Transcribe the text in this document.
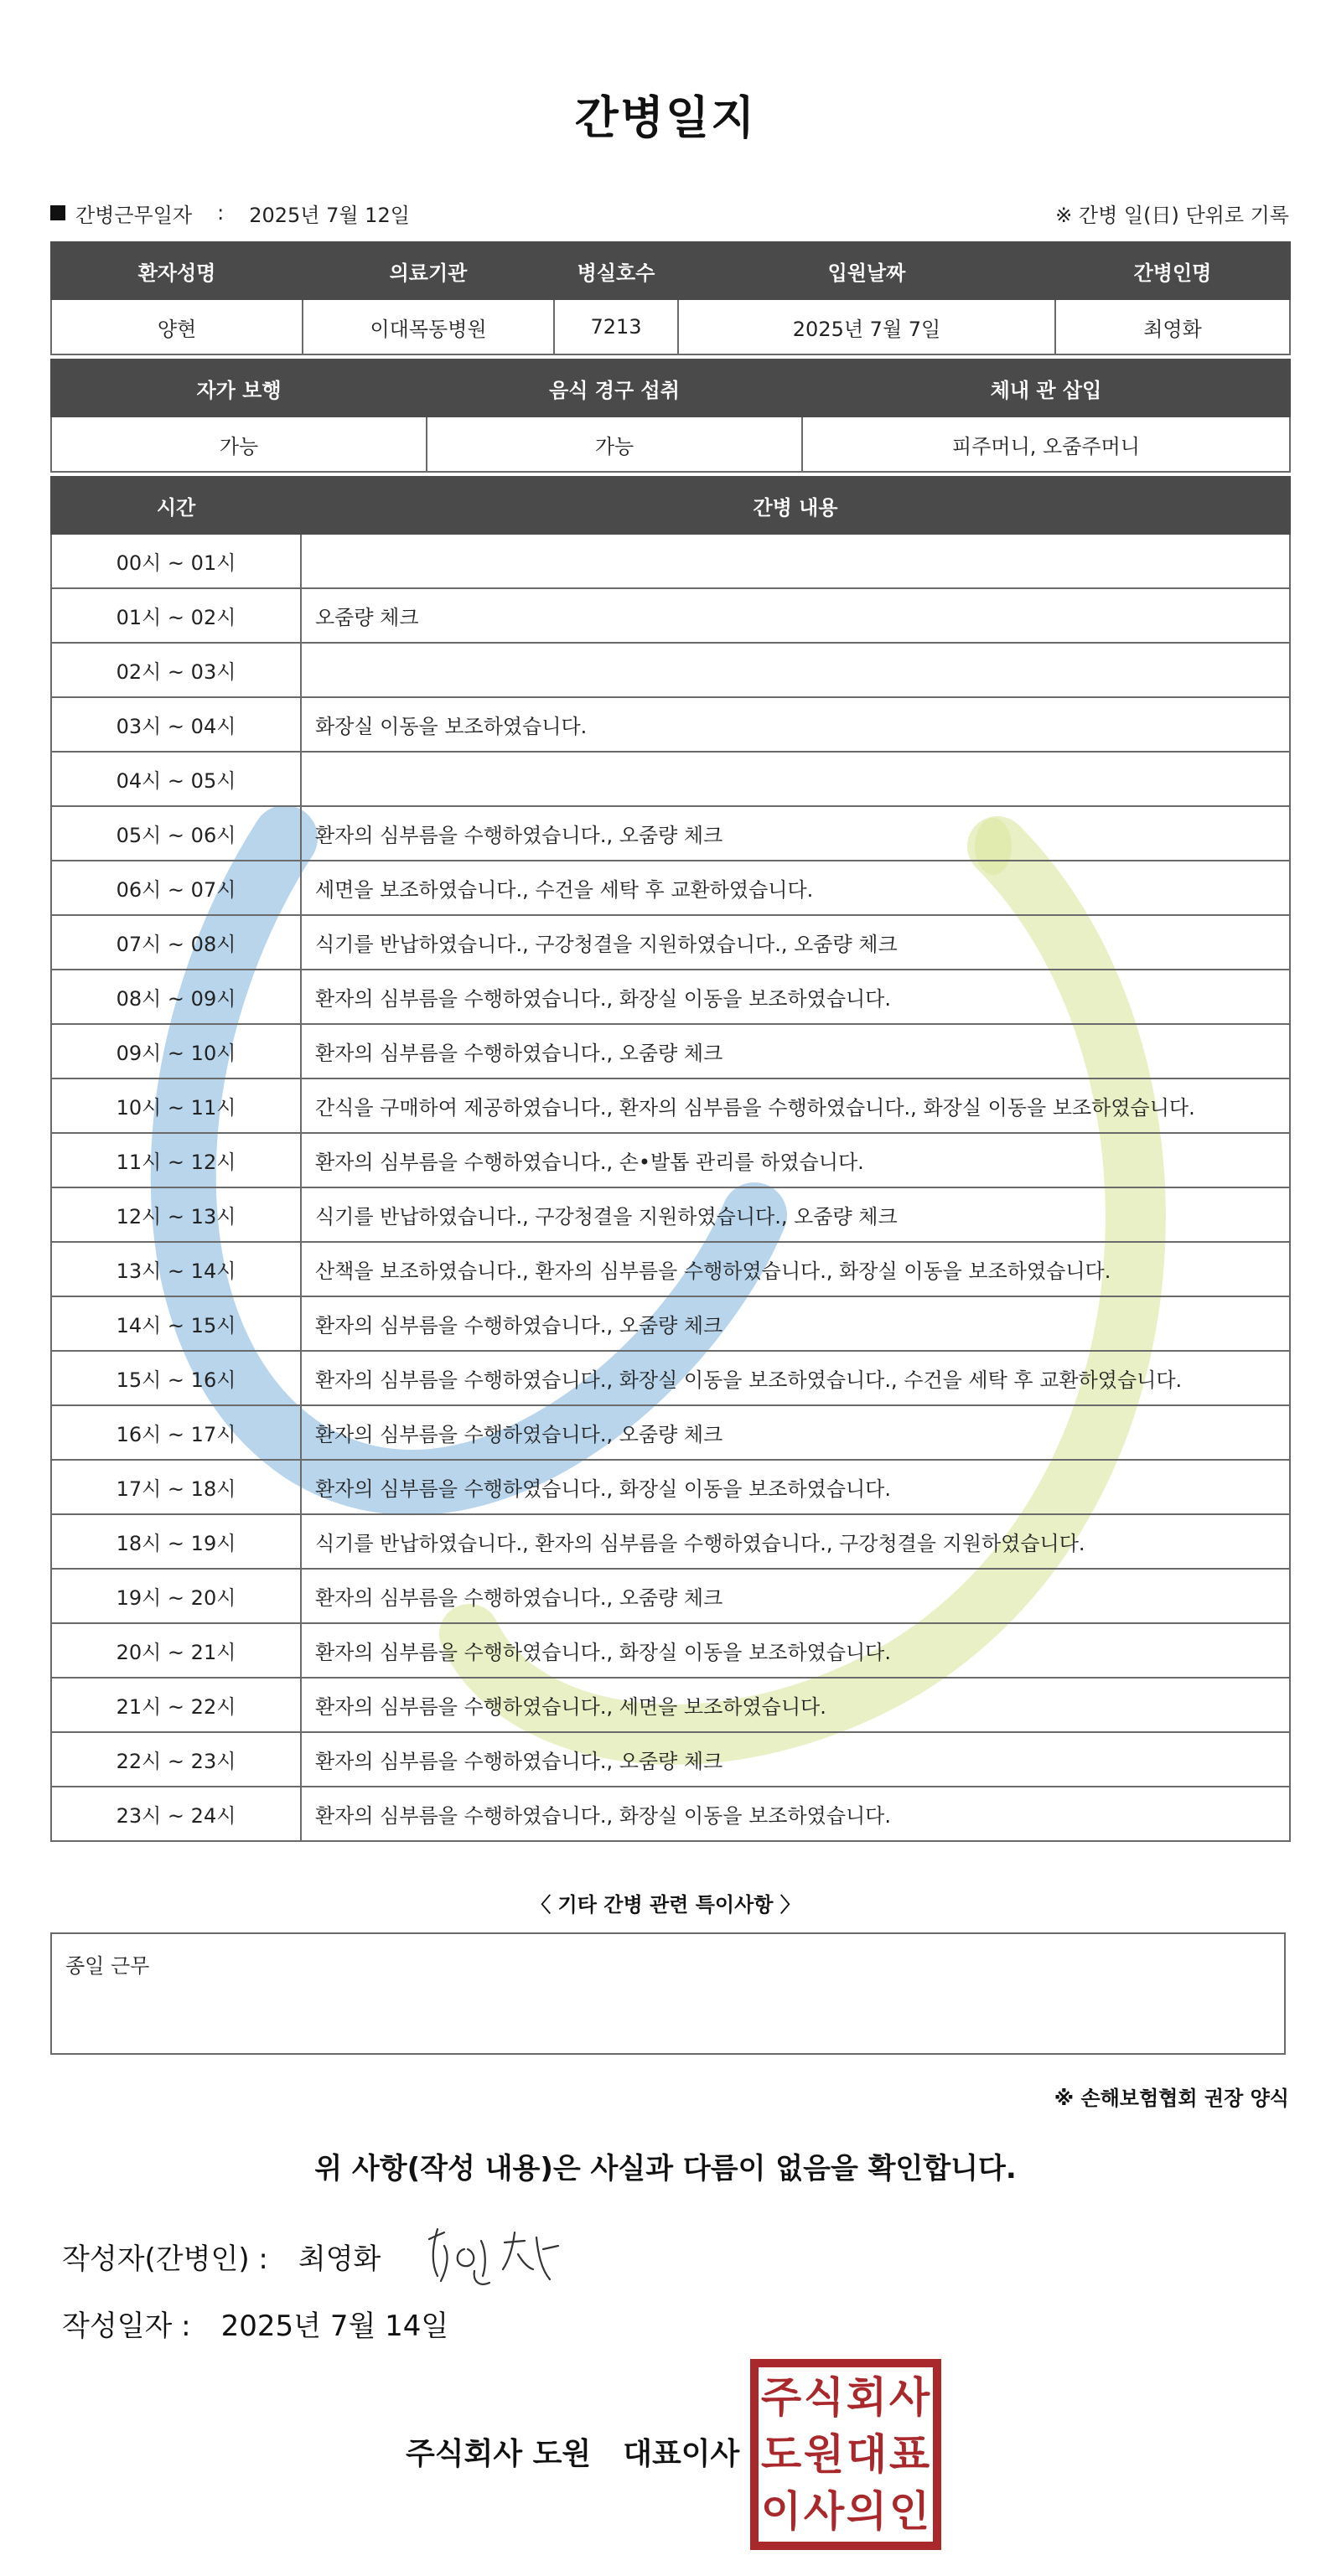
간병일지
간병근무일자 : 2025년 7월 12일	※ 간병 일(日) 단위로 기록
환자성명	의료기관	병실호수	입원날짜	간병인명
양현	이대목동병원	7213	2025년 7월 7일	최영화
자가 보행	음식 경구 섭취	체내 관 삽입
가능	가능	피주머니, 오줌주머니
시간	간병 내용
00시 ~ 01시	
01시 ~ 02시	오줌량 체크
02시 ~ 03시	
03시 ~ 04시	화장실 이동을 보조하였습니다.
04시 ~ 05시	
05시 ~ 06시	환자의 심부름을 수행하였습니다., 오줌량 체크
06시 ~ 07시	세면을 보조하였습니다., 수건을 세탁 후 교환하였습니다.
07시 ~ 08시	식기를 반납하였습니다., 구강청결을 지원하였습니다., 오줌량 체크
08시 ~ 09시	환자의 심부름을 수행하였습니다., 화장실 이동을 보조하였습니다.
09시 ~ 10시	환자의 심부름을 수행하였습니다., 오줌량 체크
10시 ~ 11시	간식을 구매하여 제공하였습니다., 환자의 심부름을 수행하였습니다., 화장실 이동을 보조하였습니다.
11시 ~ 12시	환자의 심부름을 수행하였습니다., 손•발톱 관리를 하였습니다.
12시 ~ 13시	식기를 반납하였습니다., 구강청결을 지원하였습니다., 오줌량 체크
13시 ~ 14시	산책을 보조하였습니다., 환자의 심부름을 수행하였습니다., 화장실 이동을 보조하였습니다.
14시 ~ 15시	환자의 심부름을 수행하였습니다., 오줌량 체크
15시 ~ 16시	환자의 심부름을 수행하였습니다., 화장실 이동을 보조하였습니다., 수건을 세탁 후 교환하였습니다.
16시 ~ 17시	환자의 심부름을 수행하였습니다., 오줌량 체크
17시 ~ 18시	환자의 심부름을 수행하였습니다., 화장실 이동을 보조하였습니다.
18시 ~ 19시	식기를 반납하였습니다., 환자의 심부름을 수행하였습니다., 구강청결을 지원하였습니다.
19시 ~ 20시	환자의 심부름을 수행하였습니다., 오줌량 체크
20시 ~ 21시	환자의 심부름을 수행하였습니다., 화장실 이동을 보조하였습니다.
21시 ~ 22시	환자의 심부름을 수행하였습니다., 세면을 보조하였습니다.
22시 ~ 23시	환자의 심부름을 수행하였습니다., 오줌량 체크
23시 ~ 24시	환자의 심부름을 수행하였습니다., 화장실 이동을 보조하였습니다.
〈 기타 간병 관련 특이사항 〉
종일 근무
※ 손해보험협회 권장 양식
위 사항(작성 내용)은 사실과 다름이 없음을 확인합니다.
작성자(간병인) : 최영화
작성일자 : 2025년 7월 14일
주식회사 도원 대표이사
주 식 회 사
도 원 대 표
이 사 의 인
